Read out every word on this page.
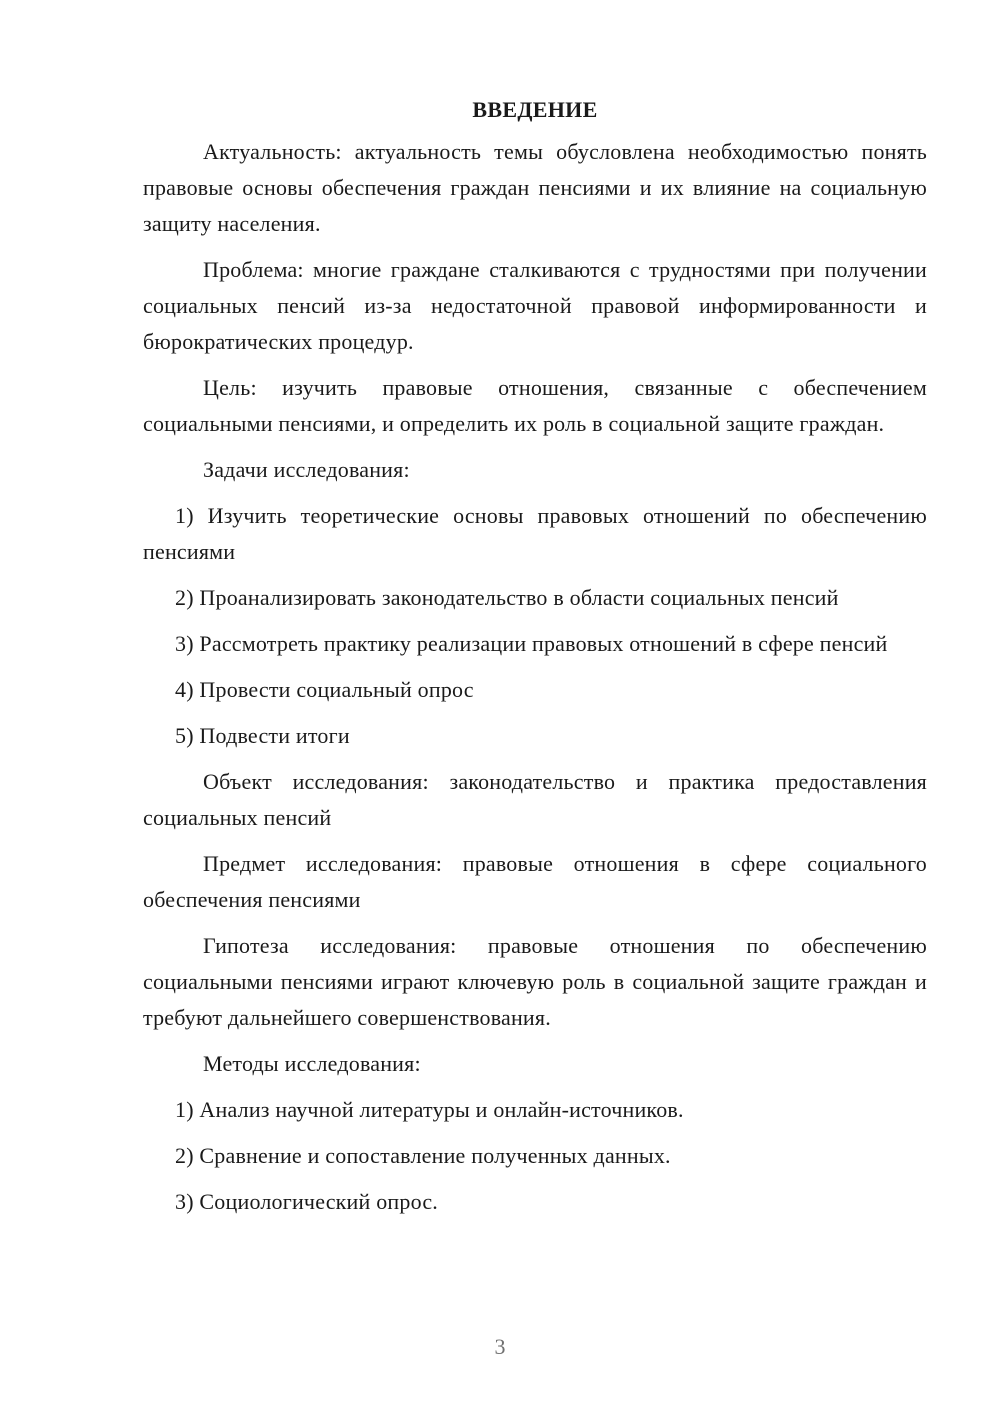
ВВЕДЕНИЕ

Актуальность: актуальность темы обусловлена необходимостью понять правовые основы обеспечения граждан пенсиями и их влияние на социальную защиту населения.

Проблема: многие граждане сталкиваются с трудностями при получении социальных пенсий из-за недостаточной правовой информированности и бюрократических процедур.

Цель: изучить правовые отношения, связанные с обеспечением социальными пенсиями, и определить их роль в социальной защите граждан.

Задачи исследования:

1) Изучить теоретические основы правовых отношений по обеспечению пенсиями

2) Проанализировать законодательство в области социальных пенсий

3) Рассмотреть практику реализации правовых отношений в сфере пенсий

4) Провести социальный опрос

5) Подвести итоги

Объект исследования: законодательство и практика предоставления социальных пенсий

Предмет исследования: правовые отношения в сфере социального обеспечения пенсиями

Гипотеза исследования: правовые отношения по обеспечению социальными пенсиями играют ключевую роль в социальной защите граждан и требуют дальнейшего совершенствования.

Методы исследования:

1) Анализ научной литературы и онлайн-источников.

2) Сравнение и сопоставление полученных данных.

3) Социологический опрос.

3
